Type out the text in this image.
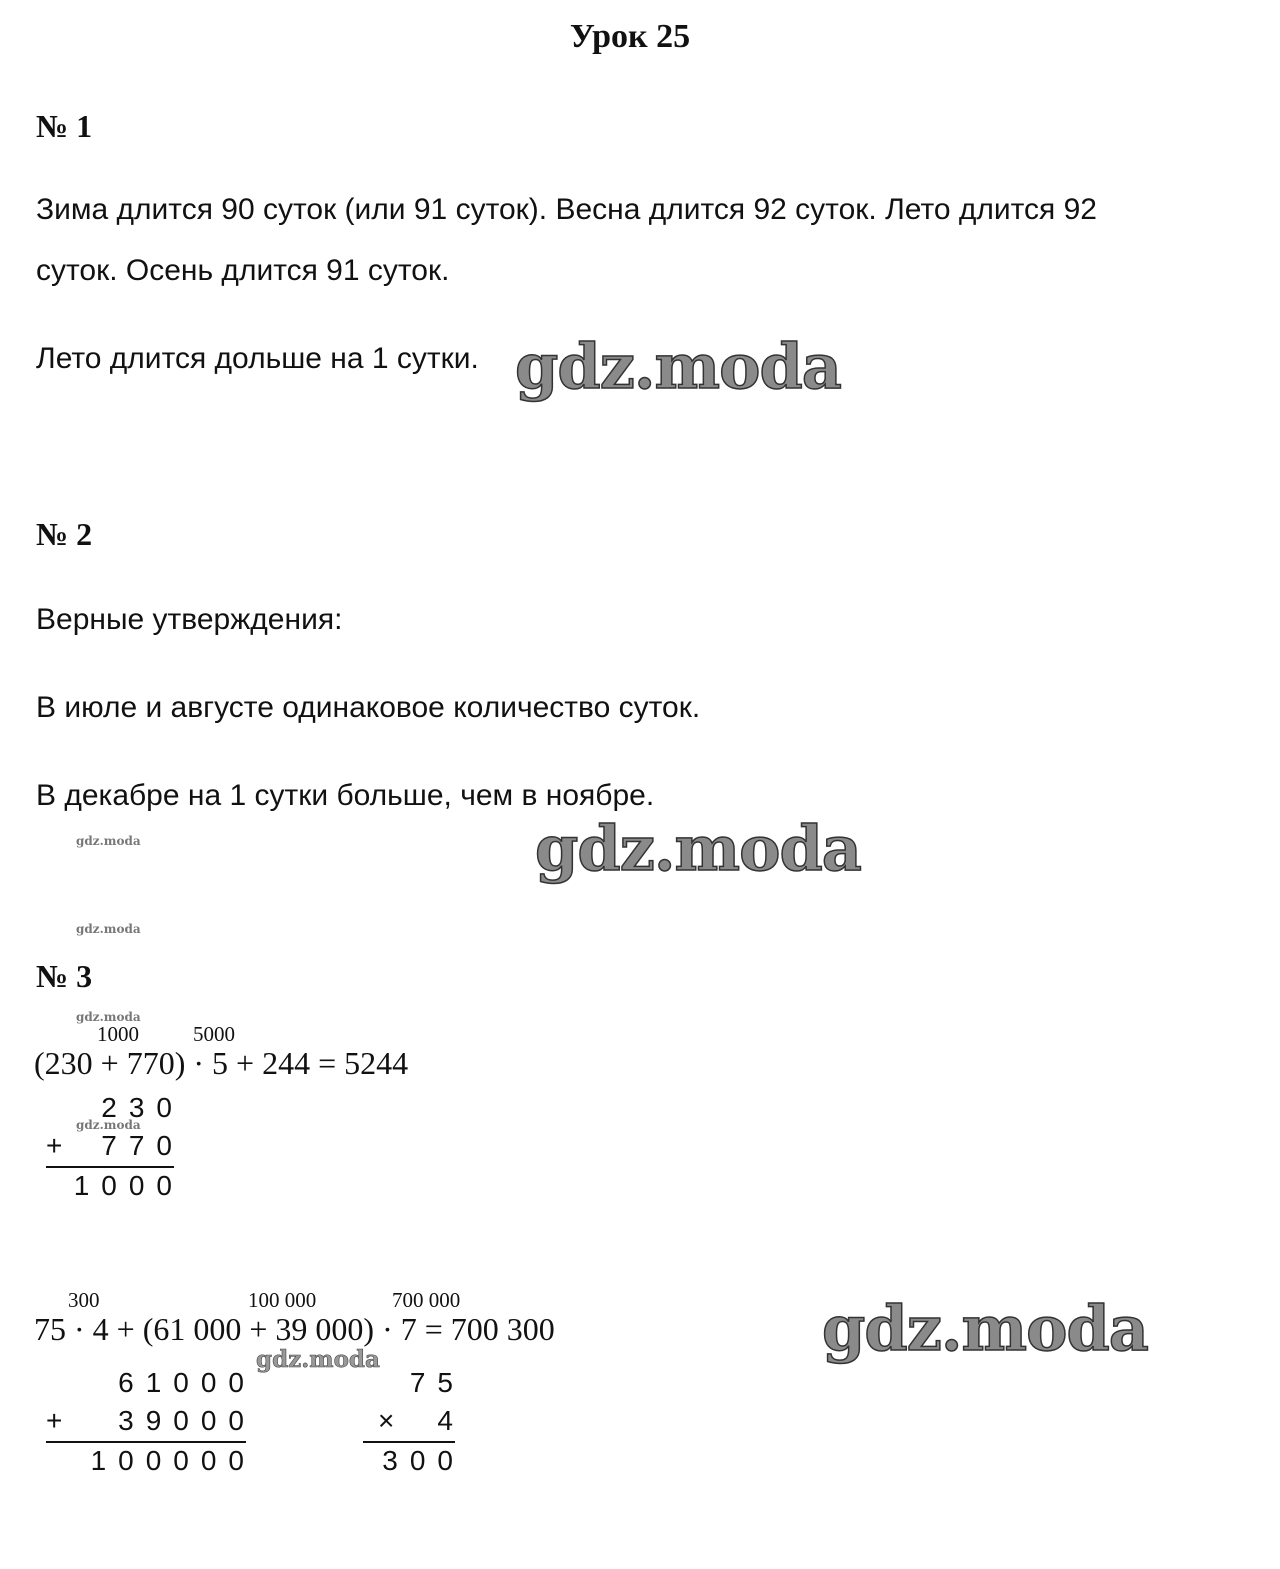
Урок 25
№ 1
Зима длится 90 суток (или 91 суток). Весна длится 92 суток. Лето длится 92
суток. Осень длится 91 суток.
Лето длится дольше на 1 сутки. gdz.moda
№ 2
Верные утверждения:
В июле и августе одинаковое количество суток.
В декабре на 1 сутки больше, чем в ноябре.
gdz.moda	gdz.moda
gdz.moda
№ 3
gdz.moda
1000	5000
(230 + 770) · 5 + 244 = 5244
230
gdz.moda
+ 770
1000
300	100 000	700 000
75 · 4 + (61 000 + 39 000) · 7 = 700 300	gdz.moda
gdz.moda
61000
+ 39000
100000
75
× 4
300
